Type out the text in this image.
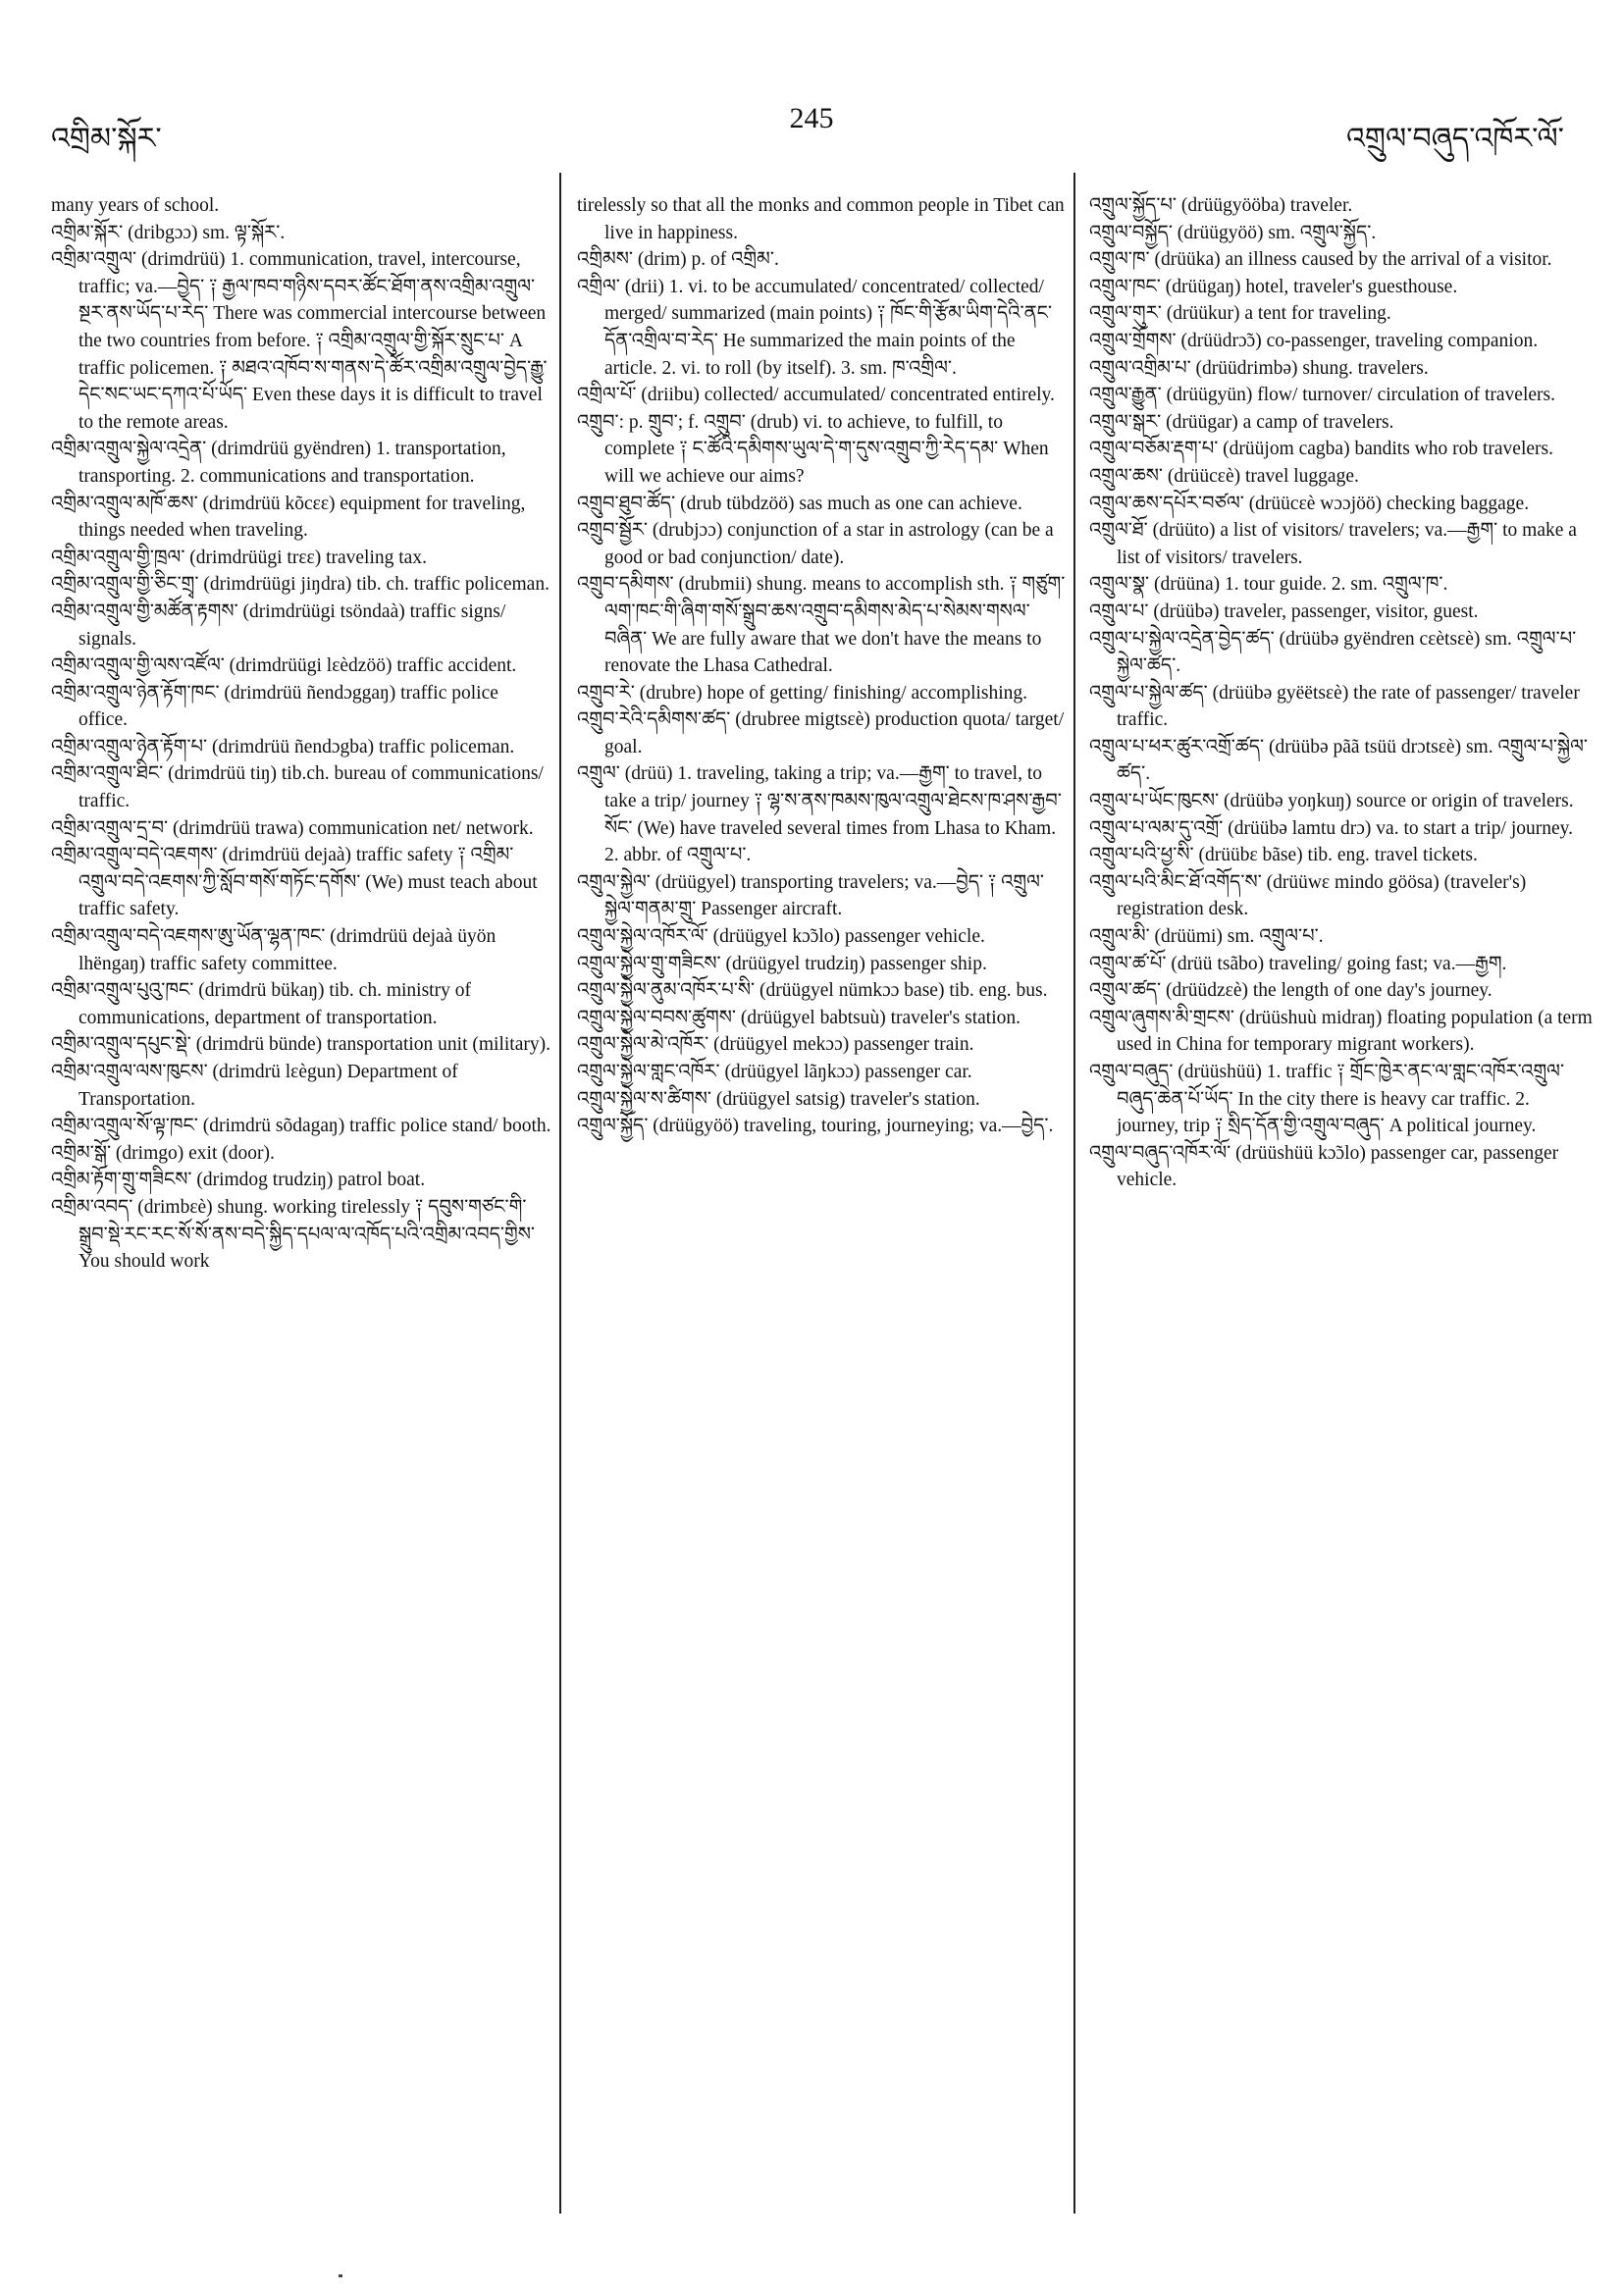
འགྲིམ་སྐོར་
245
འགྲུལ་བཞུད་འཁོར་ལོ་

many years of school.

འགྲིམ་སྐོར་ (dribgɔɔ) sm. ལྟ་སྐོར་.

འགྲིམ་འགྲུལ་ (drimdrüü) 1. communication, travel, intercourse, traffic; va.—བྱེད་ ༑ རྒྱལ་ཁབ་གཉིས་དབར་ཚོང་ཐོག་ནས་འགྲིམ་འགྲུལ་སྔར་ནས་ཡོད་པ་རེད་ There was commercial intercourse between the two countries from before. ༑ འགྲིམ་འགྲུལ་གྱི་སྐོར་སྲུང་པ་ A traffic policemen. ༑ མཐའ་འཁོབ་ས་གནས་དེ་ཚོར་འགྲིམ་འགྲུལ་བྱེད་རྒྱུ་དེང་སང་ཡང་དཀའ་པོ་ཡོད་ Even these days it is difficult to travel to the remote areas.

འགྲིམ་འགྲུལ་སྐྱེལ་འདྲེན་ (drimdrüü gyëndren) 1. transportation, transporting. 2. communications and transportation.

འགྲིམ་འགྲུལ་མཁོ་ཆས་ (drimdrüü kõcεε) equipment for traveling, things needed when traveling.

འགྲིམ་འགྲུལ་གྱི་ཁྲལ་ (drimdrüügi trεε) traveling tax.

འགྲིམ་འགྲུལ་གྱི་ཅིང་གྲྭ་ (drimdrüügi jiŋdra) tib. ch. traffic policeman.

འགྲིམ་འགྲུལ་གྱི་མཚོན་རྟགས་ (drimdrüügi tsöndaà) traffic signs/ signals.

འགྲིམ་འགྲུལ་གྱི་ལས་འཛོལ་ (drimdrüügi lεèdzöö) traffic accident.

འགྲིམ་འགྲུལ་ཉེན་རྟོག་ཁང་ (drimdrüü ñendɔggaŋ) traffic police office.

འགྲིམ་འགྲུལ་ཉེན་རྟོག་པ་ (drimdrüü ñendɔgba) traffic policeman.

འགྲིམ་འགྲུལ་ཐིང་ (drimdrüü tiŋ) tib.ch. bureau of communications/ traffic.

འགྲིམ་འགྲུལ་དྲ་བ་ (drimdrüü trawa) communication net/ network.

འགྲིམ་འགྲུལ་བདེ་འཇགས་ (drimdrüü dejaà) traffic safety ༑ འགྲིམ་འགྲུལ་བདེ་འཇགས་ཀྱི་སློབ་གསོ་གཏོང་དགོས་ (We) must teach about traffic safety.

འགྲིམ་འགྲུལ་བདེ་འཇགས་ཨུ་ཡོན་ལྷན་ཁང་ (drimdrüü dejaà üyön lhëngaŋ) traffic safety committee.

འགྲིམ་འགྲུལ་པུའུ་ཁང་ (drimdrü bükaŋ) tib. ch. ministry of communications, department of transportation.

འགྲིམ་འགྲུལ་དཔུང་སྡེ་ (drimdrü bünde) transportation unit (military).

འགྲིམ་འགྲུལ་ལས་ཁུངས་ (drimdrü lεègun) Department of Transportation.

འགྲིམ་འགྲུལ་སོ་ལྟ་ཁང་ (drimdrü sõdagaŋ) traffic police stand/ booth.

འགྲིམ་སྒོ་ (drimgo) exit (door).

འགྲིམ་རྟོག་གྲུ་གཟིངས་ (drimdog trudziŋ) patrol boat.

འགྲིམ་འབད་ (drimbεè) shung. working tirelessly ༑ དབུས་གཙང་གི་སྒྲུབ་སྡེ་རང་རང་སོ་སོ་ནས་བདེ་སྐྱིད་དཔལ་ལ་འཁོད་པའི་འགྲིམ་འབད་གྱིས་ You should work

tirelessly so that all the monks and common people in Tibet can live in happiness.

འགྲིམས་ (drim) p. of འགྲིམ་.

འགྲིལ་ (drii) 1. vi. to be accumulated/ concentrated/ collected/ merged/ summarized (main points) ༑ ཁོང་གི་རྩོམ་ཡིག་དེའི་ནང་དོན་འགྲིལ་བ་རེད་ He summarized the main points of the article. 2. vi. to roll (by itself). 3. sm. ཁ་འགྲིལ་.

འགྲིལ་པོ་ (driibu) collected/ accumulated/ concentrated entirely.

འགྲུབ་: p. གྲུབ་; f. འགྲུབ་ (drub) vi. to achieve, to fulfill, to complete ༑ ང་ཚོའི་དམིགས་ཡུལ་དེ་ག་དུས་འགྲུབ་ཀྱི་རེད་དམ་ When will we achieve our aims?

འགྲུབ་ཐུབ་ཚོད་ (drub tübdzöö) sas much as one can achieve.

འགྲུབ་སྦྱོར་ (drubjɔɔ) conjunction of a star in astrology (can be a good or bad conjunction/ date).

འགྲུབ་དམིགས་ (drubmii) shung. means to accomplish sth. ༑ གཙུག་ལག་ཁང་གི་ཞིག་གསོ་སྒྲུབ་ཆས་འགྲུབ་དམིགས་མེད་པ་སེམས་གསལ་བཞིན་ We are fully aware that we don't have the means to renovate the Lhasa Cathedral.

འགྲུབ་རེ་ (drubre) hope of getting/ finishing/ accomplishing.

འགྲུབ་རེའི་དམིགས་ཚད་ (drubree migtsεè) production quota/ target/ goal.

འགྲུལ་ (drüü) 1. traveling, taking a trip; va.—རྒྱག་ to travel, to take a trip/ journey ༑ ལྷ་ས་ནས་ཁམས་ཁུལ་འགྲུལ་ཐེངས་ཁ་ཤས་རྒྱབ་སོང་ (We) have traveled several times from Lhasa to Kham. 2. abbr. of འགྲུལ་པ་.

འགྲུལ་སྐྱེལ་ (drüügyel) transporting travelers; va.—བྱེད་ ༑ འགྲུལ་སྐྱེལ་གནམ་གྲུ་ Passenger aircraft.

འགྲུལ་སྐྱེལ་འཁོར་ལོ་ (drüügyel kɔ̃ɔlo) passenger vehicle.

འགྲུལ་སྐྱེལ་གྲུ་གཟིངས་ (drüügyel trudziŋ) passenger ship.

འགྲུལ་སྐྱེལ་ནུམ་འཁོར་པ་སི་ (drüügyel nümkɔɔ base) tib. eng. bus.

འགྲུལ་སྐྱེལ་བབས་ཚུགས་ (drüügyel babtsuù) traveler's station.

འགྲུལ་སྐྱེལ་མེ་འཁོར་ (drüügyel mekɔɔ) passenger train.

འགྲུལ་སྐྱེལ་གླང་འཁོར་ (drüügyel lãŋkɔɔ) passenger car.

འགྲུལ་སྐྱེལ་ས་ཚིགས་ (drüügyel satsig) traveler's station.

འགྲུལ་སྐྱོད་ (drüügyöö) traveling, touring, journeying; va.—བྱེད་.

འགྲུལ་སྐྱོད་པ་ (drüügyööba) traveler.

འགྲུལ་བསྐྱོད་ (drüügyöö) sm. འགྲུལ་སྐྱོད་.

འགྲུལ་ཁ་ (drüüka) an illness caused by the arrival of a visitor.

འགྲུལ་ཁང་ (drüügaŋ) hotel, traveler's guesthouse.

འགྲུལ་གུར་ (drüükur) a tent for traveling.

འགྲུལ་གྲོགས་ (drüüdrɔ̃ɔ) co-passenger, traveling companion.

འགྲུལ་འགྲིམ་པ་ (drüüdrimbə) shung. travelers.

འགྲུལ་རྒྱུན་ (drüügyün) flow/ turnover/ circulation of travelers.

འགྲུལ་སྒར་ (drüügar) a camp of travelers.

འགྲུལ་བཅོམ་རྡག་པ་ (drüüjom cagba) bandits who rob travelers.

འགྲུལ་ཆས་ (drüücεè) travel luggage.

འགྲུལ་ཆས་དཔོར་བཙལ་ (drüücεè wɔɔjöö) checking baggage.

འགྲུལ་ཐོ་ (drüüto) a list of visitors/ travelers; va.—རྒྱག་ to make a list of visitors/ travelers.

འགྲུལ་སྣ་ (drüüna) 1. tour guide. 2. sm. འགྲུལ་ཁ་.

འགྲུལ་པ་ (drüübə) traveler, passenger, visitor, guest.

འགྲུལ་པ་སྐྱེལ་འདྲེན་བྱེད་ཚད་ (drüübə gyëndren cεètsεè) sm. འགྲུལ་པ་སྐྱེལ་ཚད་.

འགྲུལ་པ་སྐྱེལ་ཚད་ (drüübə gyëëtsεè) the rate of passenger/ traveler traffic.

འགྲུལ་པ་ཕར་ཚུར་འགྲོ་ཚད་ (drüübə pãã tsüü drɔtsεè) sm. འགྲུལ་པ་སྐྱེལ་ཚད་.

འགྲུལ་པ་ཡོང་ཁུངས་ (drüübə yoŋkuŋ) source or origin of travelers.

འགྲུལ་པ་ལམ་དུ་འགྲོ་ (drüübə lamtu drɔ) va. to start a trip/ journey.

འགྲུལ་པའི་ཕྱ་སི་ (drüübε bãse) tib. eng. travel tickets.

འགྲུལ་པའི་མིང་ཐོ་འགོད་ས་ (drüüwε mindo göösa) (traveler's) registration desk.

འགྲུལ་མི་ (drüümi) sm. འགྲུལ་པ་.

འགྲུལ་ཚ་པོ་ (drüü tsãbo) traveling/ going fast; va.—རྒྱག.

འགྲུལ་ཚད་ (drüüdzεè) the length of one day's journey.

འགྲུལ་ཞུགས་མི་གྲངས་ (drüüshuù midraŋ) floating population (a term used in China for temporary migrant workers).

འགྲུལ་བཞུད་ (drüüshüü) 1. traffic ༑ གྲོང་ཁྱེར་ནང་ལ་གླང་འཁོར་འགྲུལ་བཞུད་ཆེན་པོ་ཡོད་ In the city there is heavy car traffic. 2. journey, trip ༑ སྲིད་དོན་གྱི་འགྲུལ་བཞུད་ A political journey.

འགྲུལ་བཞུད་འཁོར་ལོ་ (drüüshüü kɔ̃ɔlo) passenger car, passenger vehicle.
